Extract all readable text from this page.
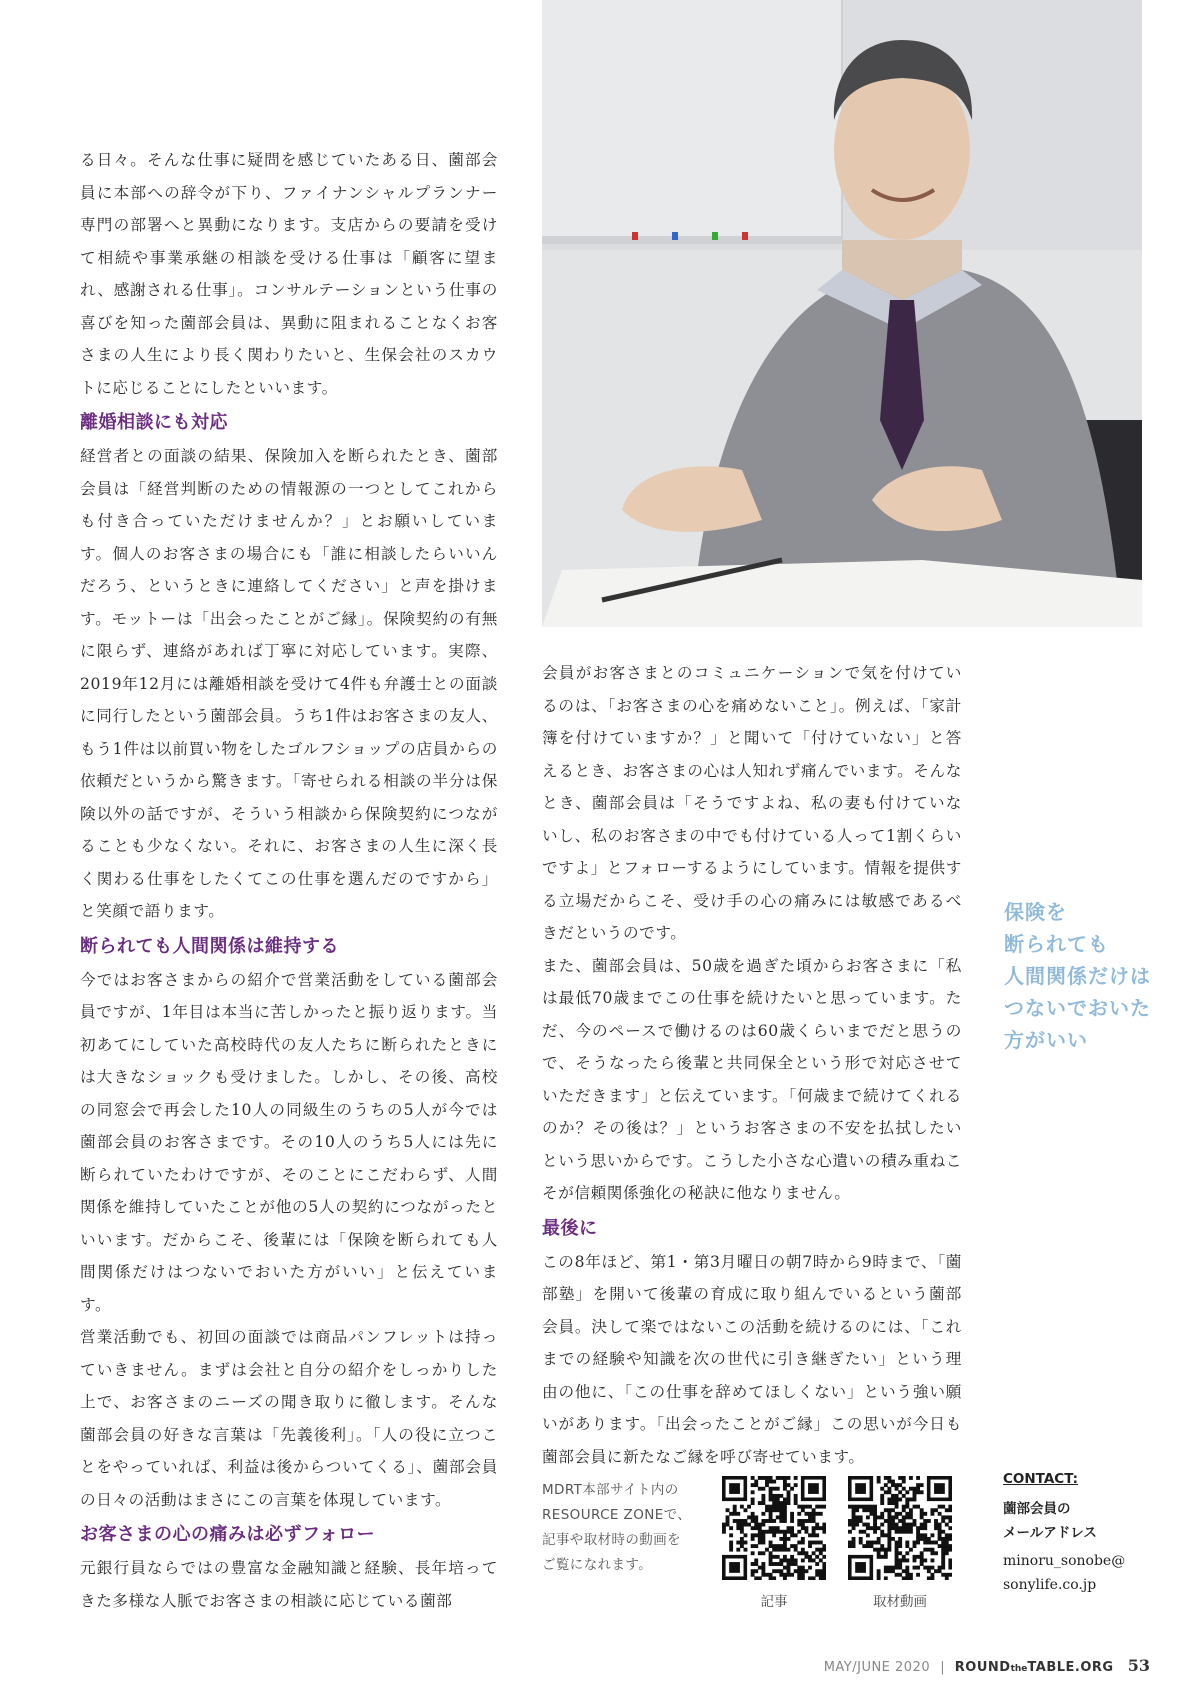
る日々。そんな仕事に疑問を感じていたある日、薗部会員に本部への辞令が下り、ファイナンシャルプランナー専門の部署へと異動になります。支店からの要請を受けて相続や事業承継の相談を受ける仕事は「顧客に望まれ、感謝される仕事」。コンサルテーションという仕事の喜びを知った薗部会員は、異動に阻まれることなくお客さまの人生により長く関わりたいと、生保会社のスカウトに応じることにしたといいます。

離婚相談にも対応

経営者との面談の結果、保険加入を断られたとき、薗部会員は「経営判断のための情報源の一つとしてこれからも付き合っていただけませんか？」とお願いしています。個人のお客さまの場合にも「誰に相談したらいいんだろう、というときに連絡してください」と声を掛けます。モットーは「出会ったことがご縁」。保険契約の有無に限らず、連絡があれば丁寧に対応しています。実際、2019年12月には離婚相談を受けて4件も弁護士との面談に同行したという薗部会員。うち1件はお客さまの友人、もう1件は以前買い物をしたゴルフショップの店員からの依頼だというから驚きます。「寄せられる相談の半分は保険以外の話ですが、そういう相談から保険契約につながることも少なくない。それに、お客さまの人生に深く長く関わる仕事をしたくてこの仕事を選んだのですから」と笑顔で語ります。

断られても人間関係は維持する

今ではお客さまからの紹介で営業活動をしている薗部会員ですが、1年目は本当に苦しかったと振り返ります。当初あてにしていた高校時代の友人たちに断られたときには大きなショックも受けました。しかし、その後、高校の同窓会で再会した10人の同級生のうちの5人が今では薗部会員のお客さまです。その10人のうち5人には先に断られていたわけですが、そのことにこだわらず、人間関係を維持していたことが他の5人の契約につながったといいます。だからこそ、後輩には「保険を断られても人間関係だけはつないでおいた方がいい」と伝えています。

営業活動でも、初回の面談では商品パンフレットは持っていきません。まずは会社と自分の紹介をしっかりした上で、お客さまのニーズの聞き取りに徹します。そんな薗部会員の好きな言葉は「先義後利」。「人の役に立つことをやっていれば、利益は後からついてくる」、薗部会員の日々の活動はまさにこの言葉を体現しています。

お客さまの心の痛みは必ずフォロー

元銀行員ならではの豊富な金融知識と経験、長年培ってきた多様な人脈でお客さまの相談に応じている薗部

会員がお客さまとのコミュニケーションで気を付けているのは、「お客さまの心を痛めないこと」。例えば、「家計簿を付けていますか？」と聞いて「付けていない」と答えるとき、お客さまの心は人知れず痛んでいます。そんなとき、薗部会員は「そうですよね、私の妻も付けていないし、私のお客さまの中でも付けている人って1割くらいですよ」とフォローするようにしています。情報を提供する立場だからこそ、受け手の心の痛みには敏感であるべきだというのです。

また、薗部会員は、50歳を過ぎた頃からお客さまに「私は最低70歳までこの仕事を続けたいと思っています。ただ、今のペースで働けるのは60歳くらいまでだと思うので、そうなったら後輩と共同保全という形で対応させていただきます」と伝えています。「何歳まで続けてくれるのか？その後は？」というお客さまの不安を払拭したいという思いからです。こうした小さな心遣いの積み重ねこそが信頼関係強化の秘訣に他なりません。

最後に

この8年ほど、第1・第3月曜日の朝7時から9時まで、「薗部塾」を開いて後輩の育成に取り組んでいるという薗部会員。決して楽ではないこの活動を続けるのには、「これまでの経験や知識を次の世代に引き継ぎたい」という理由の他に、「この仕事を辞めてほしくない」という強い願いがあります。「出会ったことがご縁」この思いが今日も薗部会員に新たなご縁を呼び寄せています。

保険を
断られても
人間関係だけは
つないでおいた
方がいい
MDRT本部サイト内の
RESOURCE ZONEで、
記事や取材時の動画を
ご覧になれます。
記事	取材動画
CONTACT:
薗部会員の
メールアドレス
minoru_sonobe@
sonylife.co.jp
MAY/JUNE 2020 | ROUNDtheTABLE.ORG 53
